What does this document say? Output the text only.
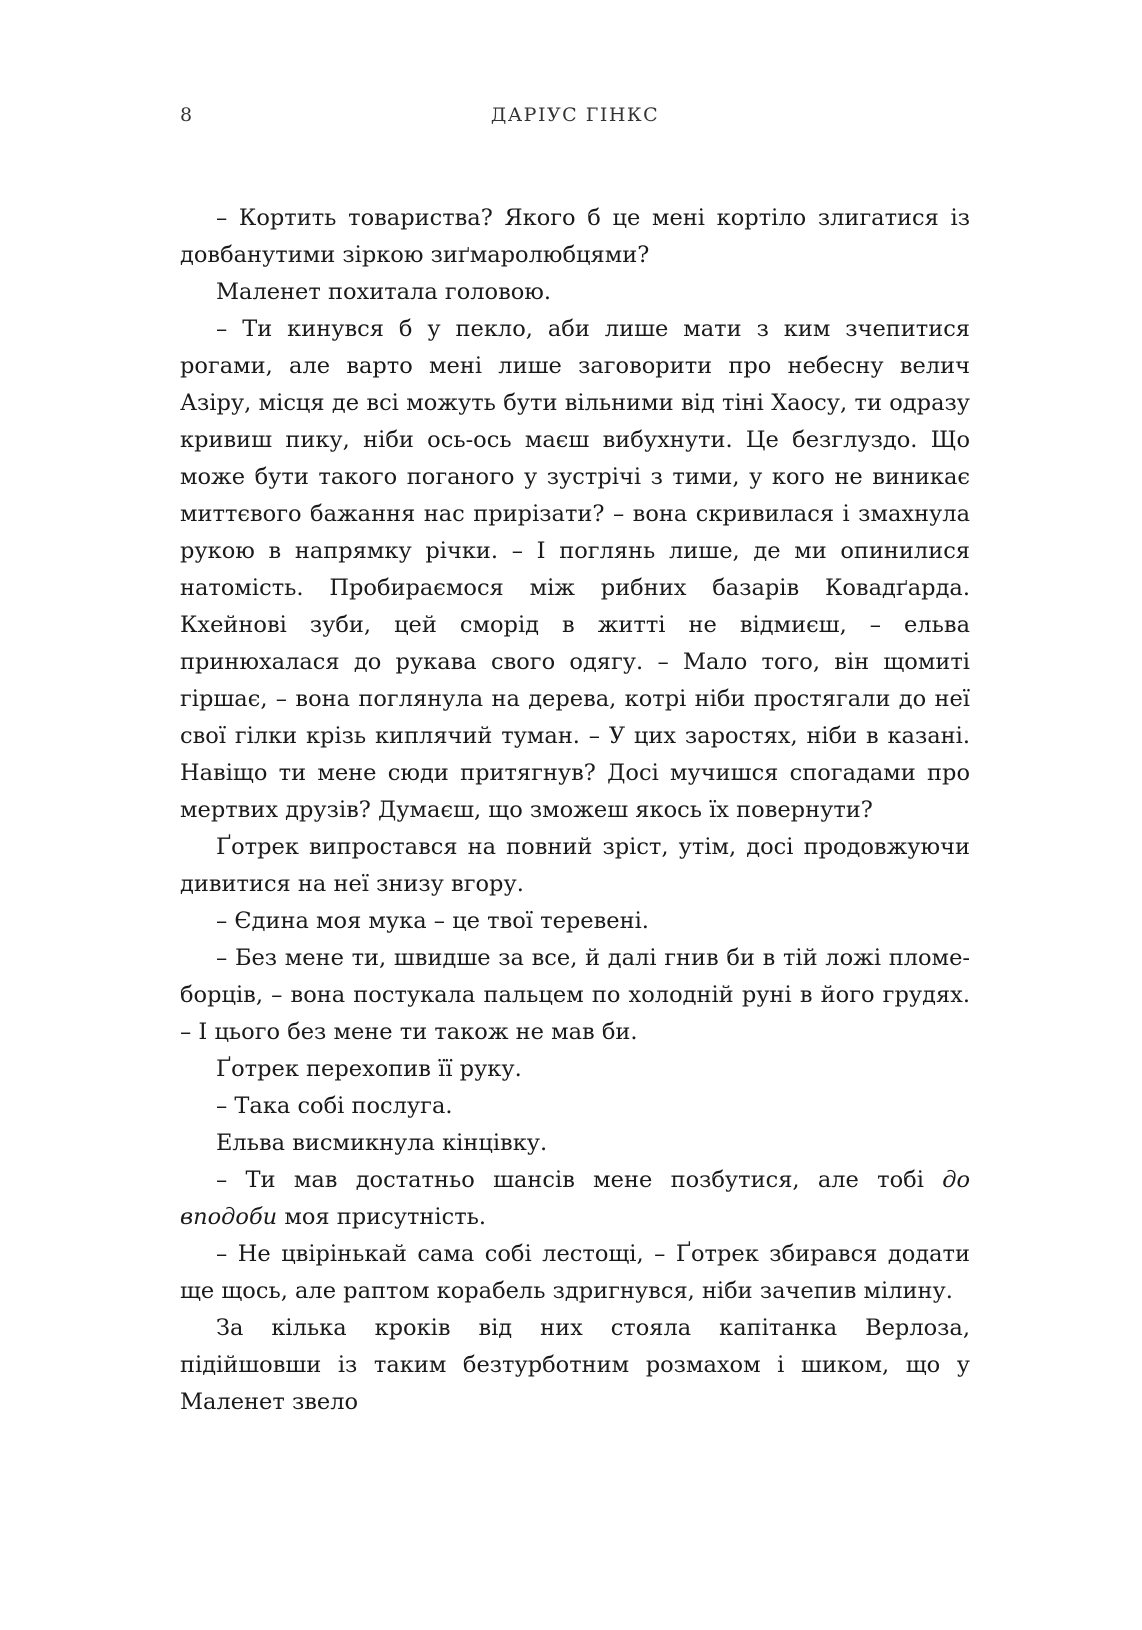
8	ДАРІУС ГІНКС

– Кортить товариства? Якого б це мені кортіло злигатися із довбанутими зіркою зиґмаролюбцями?

Маленет похитала головою.

– Ти кинувся б у пекло, аби лише мати з ким зчепитися рогами, але варто мені лише заговорити про небесну велич Азіру, місця де всі можуть бути вільними від тіні Хаосу, ти одразу кривиш пику, ніби ось-ось маєш вибухнути. Це безглуздо. Що може бути такого поганого у зустрічі з тими, у кого не виникає миттєвого бажання нас прирізати? – вона скривилася і змахнула рукою в напрямку річки. – І поглянь лише, де ми опинилися натомість. Пробираємося між рибних базарів Ковадґарда. Кхейнові зуби, цей сморід в житті не відмиєш, – ельва принюхалася до рукава свого одягу. – Мало того, він щомиті гіршає, – вона поглянула на дерева, котрі ніби простягали до неї свої гілки крізь киплячий туман. – У цих заростях, ніби в казані. Навіщо ти мене сюди притягнув? Досі мучишся спогадами про мертвих друзів? Думаєш, що зможеш якось їх повернути?

Ґотрек випростався на повний зріст, утім, досі продовжуючи дивитися на неї знизу вгору.

– Єдина моя мука – це твої теревені.

– Без мене ти, швидше за все, й далі гнив би в тій ложі пломеборців, – вона постукала пальцем по холодній руні в його грудях. – І цього без мене ти також не мав би.

Ґотрек перехопив її руку.

– Така собі послуга.

Ельва висмикнула кінцівку.

– Ти мав достатньо шансів мене позбутися, але тобі до вподоби моя присутність.

– Не цвірінькай сама собі лестощі, – Ґотрек збирався додати ще щось, але раптом корабель здригнувся, ніби зачепив мілину.

За кілька кроків від них стояла капітанка Верлоза, підійшовши із таким безтурботним розмахом і шиком, що у Маленет звело
